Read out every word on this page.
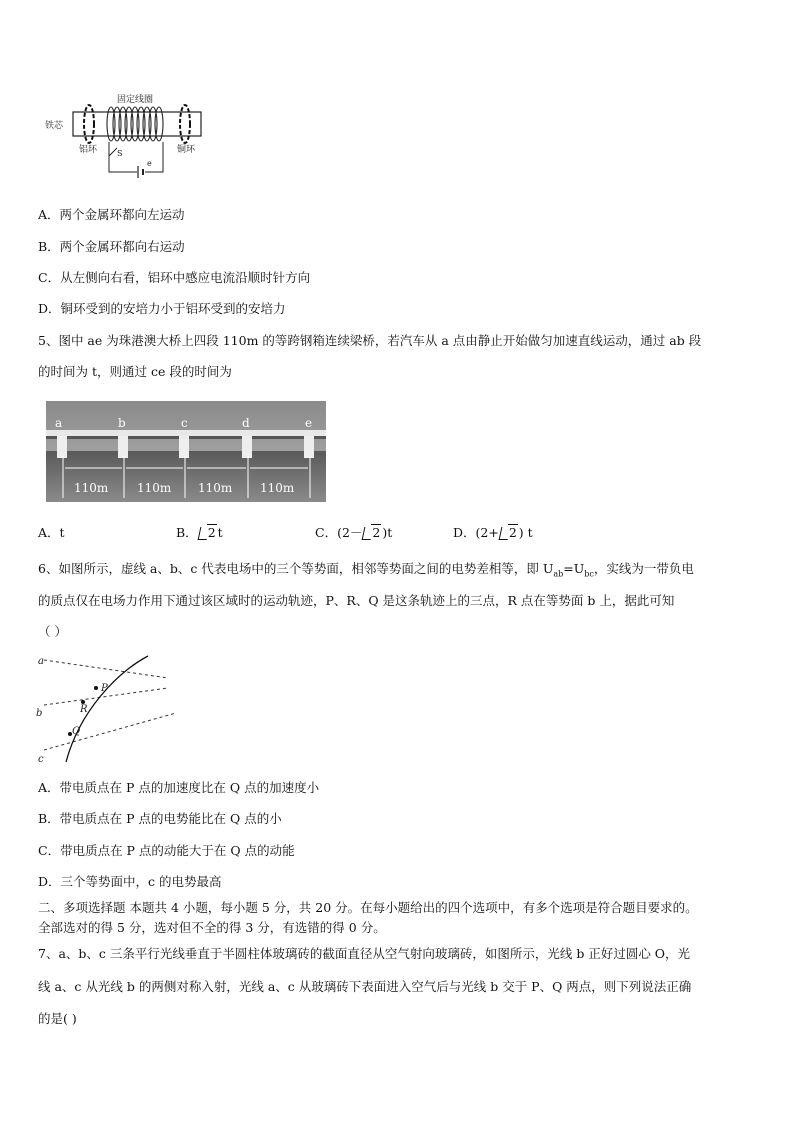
固定线圈
铁芯
铝环	铜环
S
e
A．两个金属环都向左运动
B．两个金属环都向右运动
C．从左侧向右看，铝环中感应电流沿顺时针方向
D．铜环受到的安培力小于铝环受到的安培力
5、图中 ae 为珠港澳大桥上四段 110m 的等跨钢箱连续梁桥，若汽车从 a 点由静止开始做匀加速直线运动，通过 ab 段
的时间为 t，则通过 ce 段的时间为
a	b	c	d	e
110m 110m 110m 110m
A．t	B． 2 t	C．(2－ 2 )t	D．(2+ 2 ) t
6、如图所示，虚线 a、b、c 代表电场中的三个等势面，相邻等势面之间的电势差相等，即 $U_{ab}=U_{bc}$，实线为一带负电
的质点仅在电场力作用下通过该区域时的运动轨迹，P、R、Q 是这条轨迹上的三点，R 点在等势面 b 上，据此可知
（ ）
a
b
c
P
R
Q
A．带电质点在 P 点的加速度比在 Q 点的加速度小
B．带电质点在 P 点的电势能比在 Q 点的小
C．带电质点在 P 点的动能大于在 Q 点的动能
D．三个等势面中，c 的电势最高
二、多项选择题 本题共 4 小题，每小题 5 分，共 20 分。在每小题给出的四个选项中，有多个选项是符合题目要求的。
全部选对的得 5 分，选对但不全的得 3 分，有选错的得 0 分。
7、a、b、c 三条平行光线垂直于半圆柱体玻璃砖的截面直径从空气射向玻璃砖，如图所示，光线 b 正好过圆心 O，光
线 a、c 从光线 b 的两侧对称入射，光线 a、c 从玻璃砖下表面进入空气后与光线 b 交于 P、Q 两点，则下列说法正确
的是( )
